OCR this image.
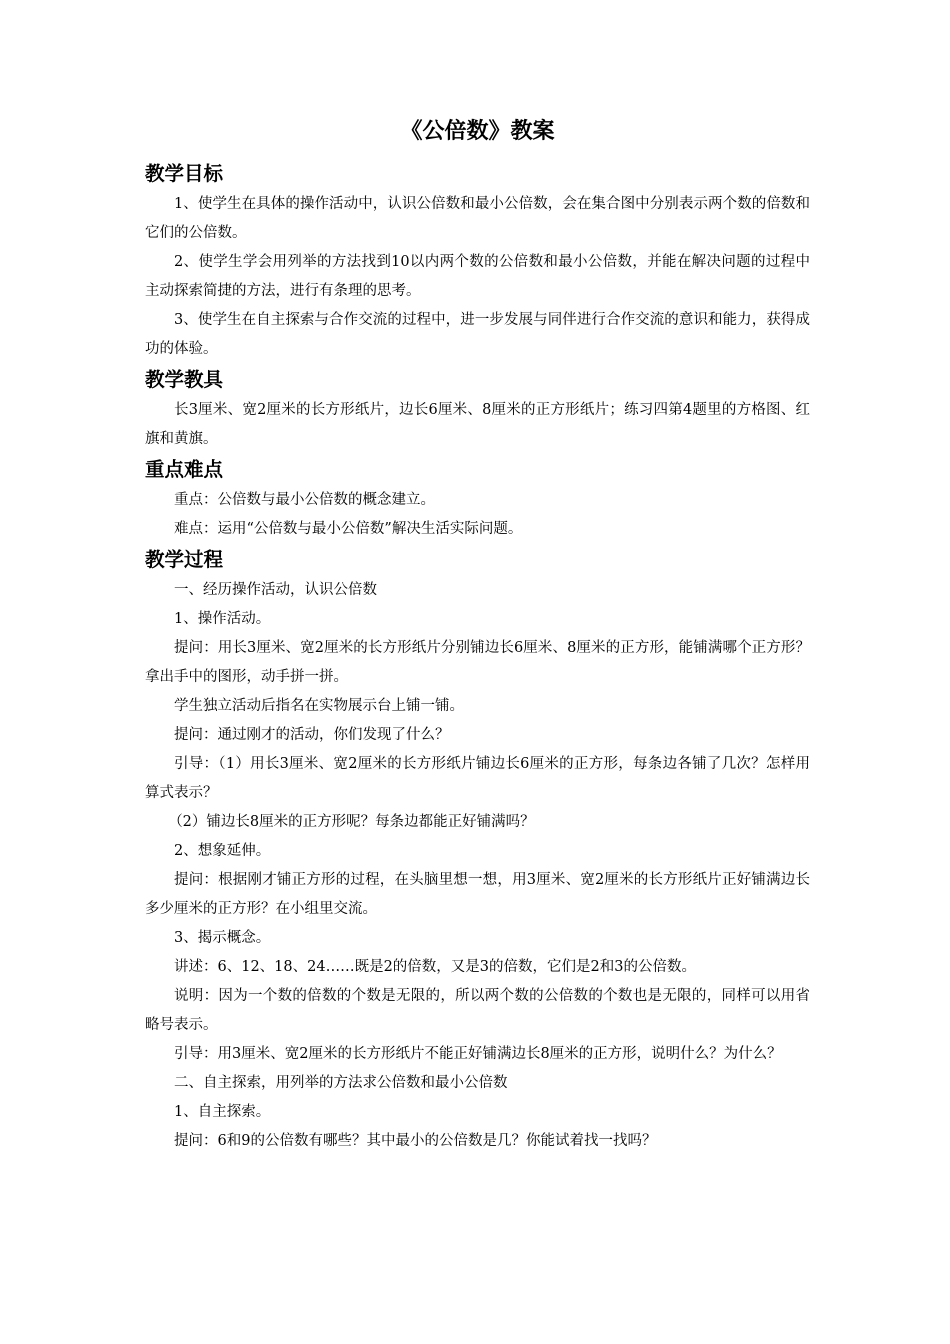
《公倍数》教案
教学目标

1、使学生在具体的操作活动中，认识公倍数和最小公倍数，会在集合图中分别表示两个数的倍数和它们的公倍数。

2、使学生学会用列举的方法找到10以内两个数的公倍数和最小公倍数，并能在解决问题的过程中主动探索简捷的方法，进行有条理的思考。

3、使学生在自主探索与合作交流的过程中，进一步发展与同伴进行合作交流的意识和能力，获得成功的体验。

教学教具

长3厘米、宽2厘米的长方形纸片，边长6厘米、8厘米的正方形纸片；练习四第4题里的方格图、红旗和黄旗。

重点难点

重点：公倍数与最小公倍数的概念建立。

难点：运用“公倍数与最小公倍数”解决生活实际问题。

教学过程

一、经历操作活动，认识公倍数

1、操作活动。

提问：用长3厘米、宽2厘米的长方形纸片分别铺边长6厘米、8厘米的正方形，能铺满哪个正方形？拿出手中的图形，动手拼一拼。

学生独立活动后指名在实物展示台上铺一铺。

提问：通过刚才的活动，你们发现了什么？

引导：（1）用长3厘米、宽2厘米的长方形纸片铺边长6厘米的正方形，每条边各铺了几次？怎样用算式表示？

（2）铺边长8厘米的正方形呢？每条边都能正好铺满吗？

2、想象延伸。

提问：根据刚才铺正方形的过程，在头脑里想一想，用3厘米、宽2厘米的长方形纸片正好铺满边长多少厘米的正方形？在小组里交流。

3、揭示概念。

讲述：6、12、18、24……既是2的倍数，又是3的倍数，它们是2和3的公倍数。

说明：因为一个数的倍数的个数是无限的，所以两个数的公倍数的个数也是无限的，同样可以用省略号表示。

引导：用3厘米、宽2厘米的长方形纸片不能正好铺满边长8厘米的正方形，说明什么？为什么？

二、自主探索，用列举的方法求公倍数和最小公倍数

1、自主探索。

提问：6和9的公倍数有哪些？其中最小的公倍数是几？你能试着找一找吗？
